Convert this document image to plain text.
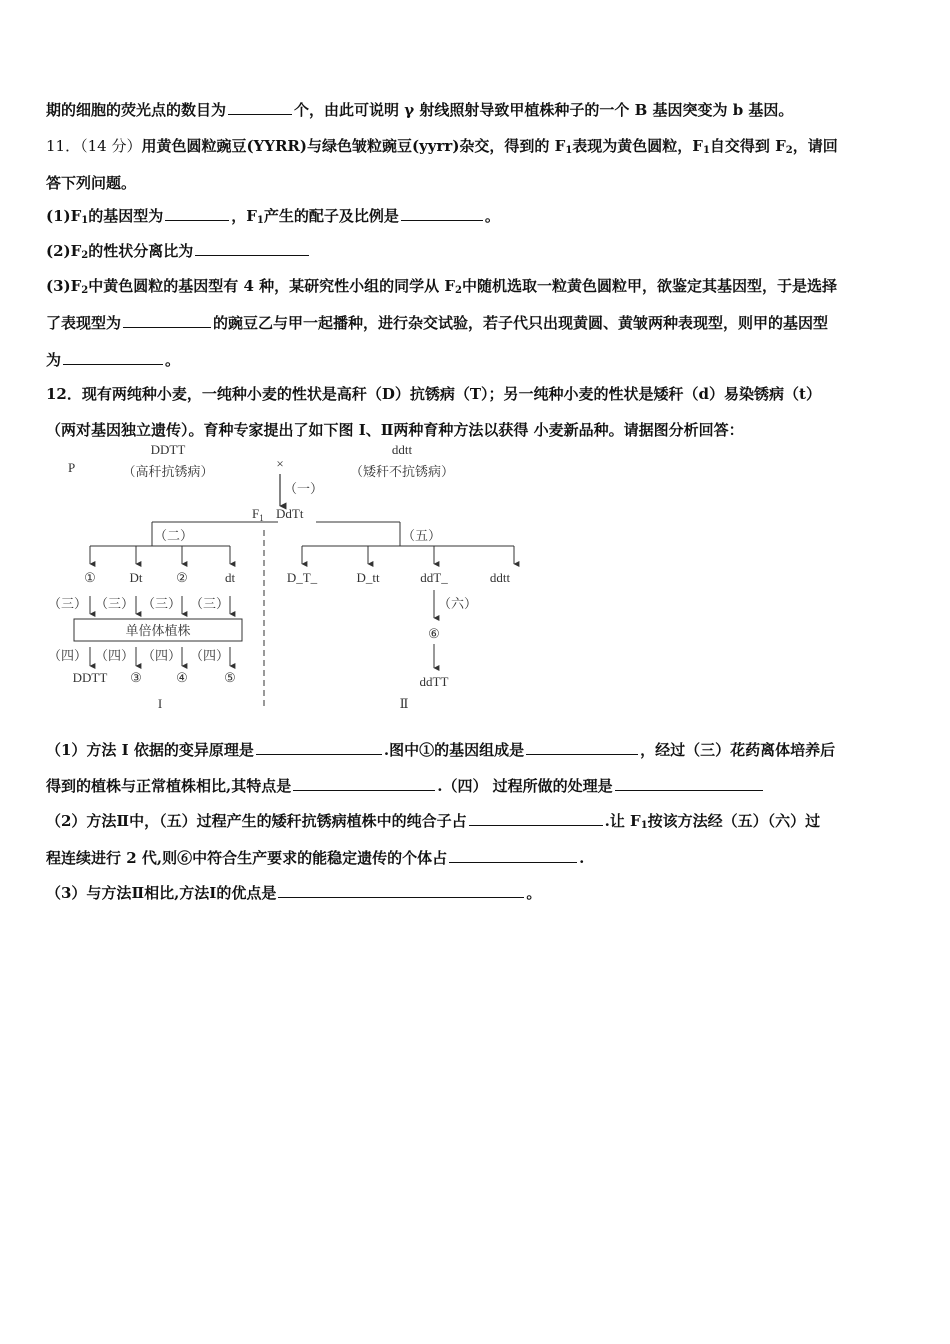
期的细胞的荧光点的数目为	个，由此可说明 γ 射线照射导致甲植株种子的一个 B 基因突变为 b 基因。
11．（14 分）用黄色圆粒豌豆(YYRR)与绿色皱粒豌豆(yyrr)杂交，得到的 $F_1$表现为黄色圆粒，$F_1$自交得到 $F_2$，请回
答下列问题。
$(1)F_1$的基因型为	，$F_1$产生的配子及比例是	。
$(2)F_2$的性状分离比为
$(3)F_2$中黄色圆粒的基因型有 4 种，某研究性小组的同学从 $F_2$中随机选取一粒黄色圆粒甲，欲鉴定其基因型，于是选择
了表现型为	的豌豆乙与甲一起播种，进行杂交试验，若子代只出现黄圆、黄皱两种表现型，则甲的基因型
为	。
12．现有两纯种小麦，一纯种小麦的性状是高秆（D）抗锈病（T）；另一纯种小麦的性状是矮秆（d）易染锈病（t）
（两对基因独立遗传）。育种专家提出了如下图 I、Ⅱ两种育种方法以获得 小麦新品种。请据图分析回答：
P
DDTT
（高秆抗锈病）
×
ddtt
（矮秆不抗锈病）
（一）
$F_1$ DdTt
（二）
①	Dt	②	dt
（三） （三） （三） （三）
单倍体植株
（四） （四） （四） （四）
DDTT ③	④	⑤
I
（五）
D_T_	D_tt	ddT_	ddtt
（六）
⑥
ddTT
Ⅱ
（1）方法 I 依据的变异原理是	.图中①的基因组成是	，经过（三）花药离体培养后
得到的植株与正常植株相比,其特点是	.（四） 过程所做的处理是
（2）方法Ⅱ中，（五）过程产生的矮秆抗锈病植株中的纯合子占	.让 $F_1$按该方法经（五）（六）过
程连续进行 2 代,则⑥中符合生产要求的能稳定遗传的个体占	.
（3）与方法Ⅱ相比,方法Ⅰ的优点是	。
